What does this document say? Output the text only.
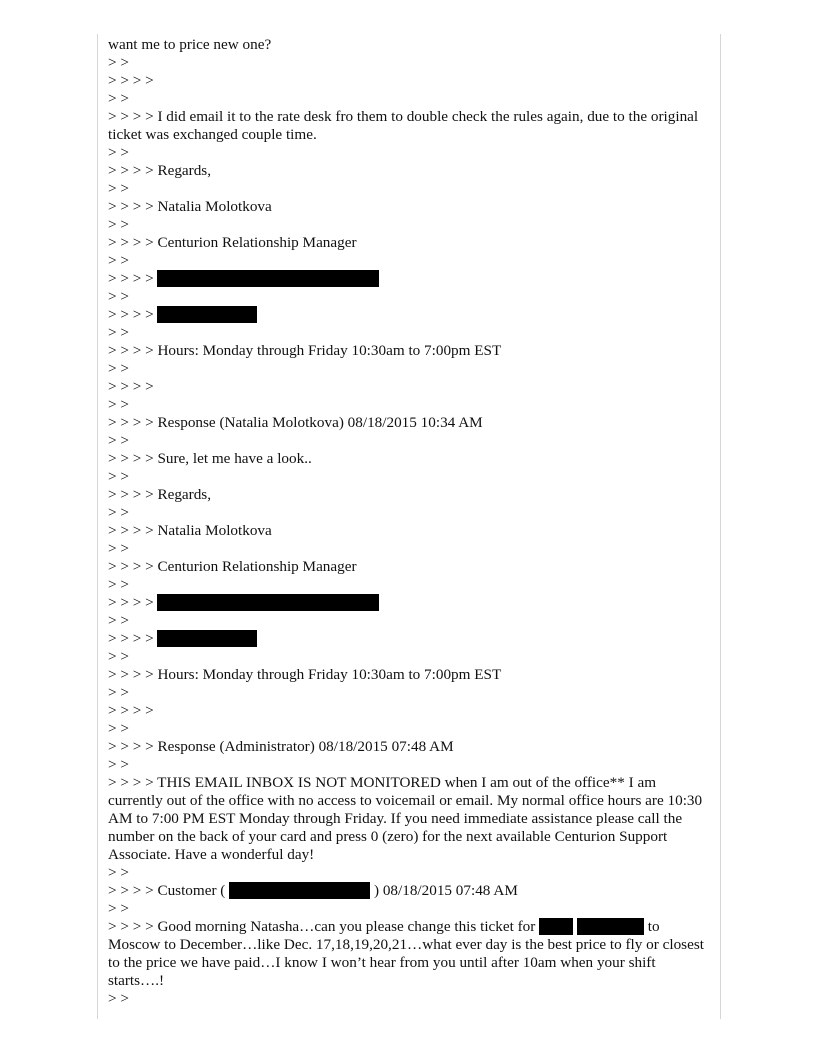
want me to price new one?

> >

> > > >

> >

> > > > I did email it to the rate desk fro them to double check the rules again, due to the original ticket was exchanged couple time.

> >

> > > > Regards,

> >

> > > > Natalia Molotkova

> >

> > > > Centurion Relationship Manager

> >

> > > >

> >

> > > >

> >

> > > > Hours: Monday through Friday 10:30am to 7:00pm EST

> >

> > > >

> >

> > > > Response (Natalia Molotkova) 08/18/2015 10:34 AM

> >

> > > > Sure, let me have a look..

> >

> > > > Regards,

> >

> > > > Natalia Molotkova

> >

> > > > Centurion Relationship Manager

> >

> > > >

> >

> > > >

> >

> > > > Hours: Monday through Friday 10:30am to 7:00pm EST

> >

> > > >

> >

> > > > Response (Administrator) 08/18/2015 07:48 AM

> >

> > > > THIS EMAIL INBOX IS NOT MONITORED when I am out of the office** I am currently out of the office with no access to voicemail or email. My normal office hours are 10:30 AM to 7:00 PM EST Monday through Friday. If you need immediate assistance please call the number on the back of your card and press 0 (zero) for the next available Centurion Support Associate. Have a wonderful day!

> >

> > > > Customer (	) 08/18/2015 07:48 AM

> >

> > > > Good morning Natasha…can you please change this ticket for	to Moscow to December…like Dec. 17,18,19,20,21…what ever day is the best price to fly or closest to the price we have paid…I know I won’t hear from you until after 10am when your shift starts….!

> >
